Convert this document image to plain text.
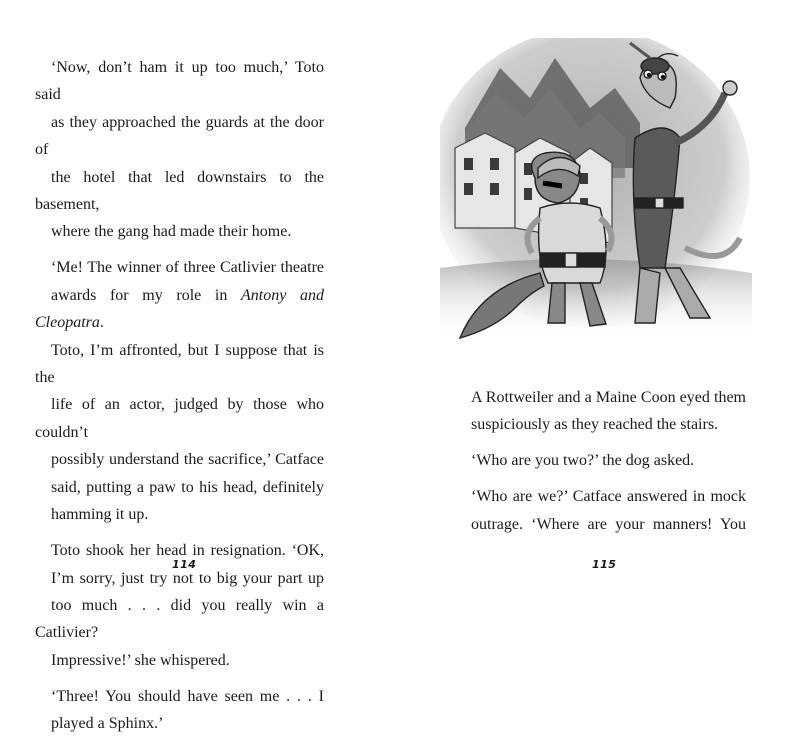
‘Now, don’t ham it up too much,’ Toto said
as they approached the guards at the door of
the hotel that led downstairs to the basement,
where the gang had made their home.

‘Me! The winner of three Catlivier theatre
awards for my role in Antony and Cleopatra.
Toto, I’m affronted, but I suppose that is the
life of an actor, judged by those who couldn’t
possibly understand the sacrifice,’ Catface
said, putting a paw to his head, definitely
hamming it up.

Toto shook her head in resignation. ‘OK,
I’m sorry, just try not to big your part up
too much . . . did you really win a Catlivier?
Impressive!’ she whispered.

‘Three! You should have seen me . . . I
played a Sphinx.’

114

A Rottweiler and a Maine Coon eyed them
suspiciously as they reached the stairs.

‘Who are you two?’ the dog asked.

‘Who are we?’ Catface answered in mock
outrage. ‘Where are your manners! You

115
